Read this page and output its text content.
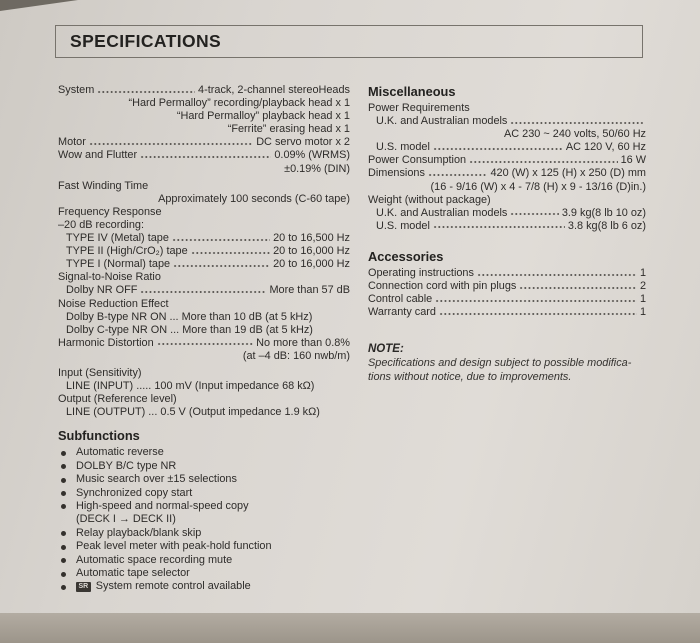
SPECIFICATIONS
System	4-track, 2-channel stereoHeads
“Hard Permalloy” recording/playback head x 1
“Hard Permalloy” playback head x 1
“Ferrite” erasing head x 1
Motor	DC servo motor x 2
Wow and Flutter	0.09% (WRMS)
±0.19% (DIN)
Fast Winding Time
Approximately 100 seconds (C-60 tape)
Frequency Response
–20 dB recording:
TYPE IV (Metal) tape	20 to 16,500 Hz
TYPE II (High/CrO₂) tape	20 to 16,000 Hz
TYPE I (Normal) tape	20 to 16,000 Hz
Signal-to-Noise Ratio
Dolby NR OFF	More than 57 dB
Noise Reduction Effect
Dolby B-type NR ON ... More than 10 dB (at 5 kHz)
Dolby C-type NR ON ... More than 19 dB (at 5 kHz)
Harmonic Distortion	No more than 0.8%
(at –4 dB: 160 nwb/m)
Input (Sensitivity)
LINE (INPUT) ..... 100 mV (Input impedance 68 kΩ)
Output (Reference level)
LINE (OUTPUT) ... 0.5 V (Output impedance 1.9 kΩ)
Subfunctions
Automatic reverse
DOLBY B/C type NR
Music search over ±15 selections
Synchronized copy start
High-speed and normal-speed copy
(DECK I → DECK II)
Relay playback/blank skip
Peak level meter with peak-hold function
Automatic space recording mute
Automatic tape selector
SR System remote control available
Miscellaneous
Power Requirements
U.K. and Australian models
AC 230 ~ 240 volts, 50/60 Hz
U.S. model	AC 120 V, 60 Hz
Power Consumption	16 W
Dimensions	420 (W) x 125 (H) x 250 (D) mm
(16 - 9/16 (W) x 4 - 7/8 (H) x 9 - 13/16 (D)in.)
Weight (without package)
U.K. and Australian models	3.9 kg(8 lb 10 oz)
U.S. model	3.8 kg(8 lb 6 oz)
Accessories
Operating instructions	1
Connection cord with pin plugs	2
Control cable	1
Warranty card	1
NOTE:
Specifications and design subject to possible modifica-
tions without notice, due to improvements.
